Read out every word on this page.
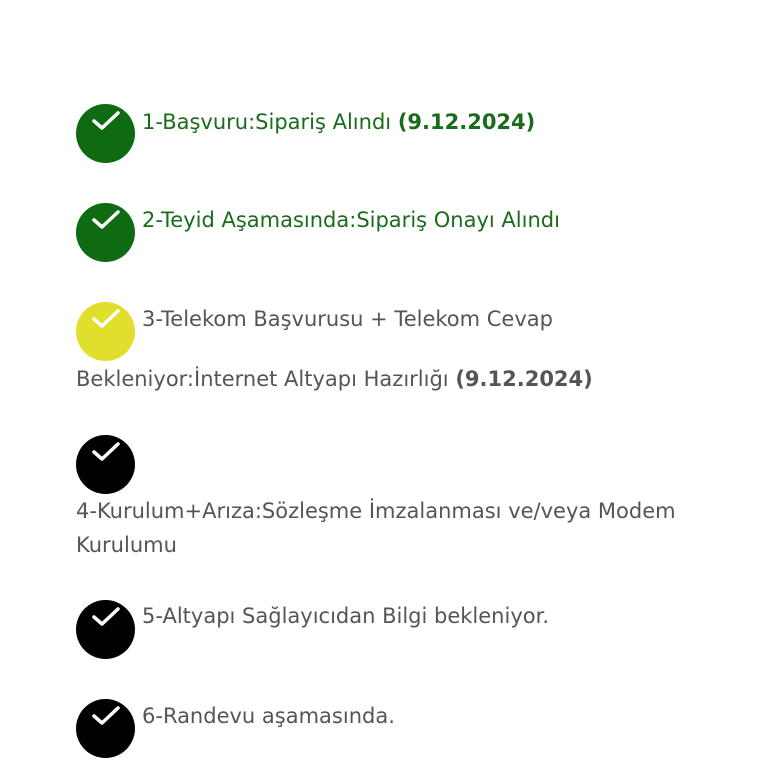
1-Başvuru:Sipariş Alındı (9.12.2024)
2-Teyid Aşamasında:Sipariş Onayı Alındı
3-Telekom Başvurusu + Telekom Cevap
Bekleniyor:İnternet Altyapı Hazırlığı (9.12.2024)
4-Kurulum+Arıza:Sözleşme İmzalanması ve/veya Modem
Kurulumu
5-Altyapı Sağlayıcıdan Bilgi bekleniyor.
6-Randevu aşamasında.
